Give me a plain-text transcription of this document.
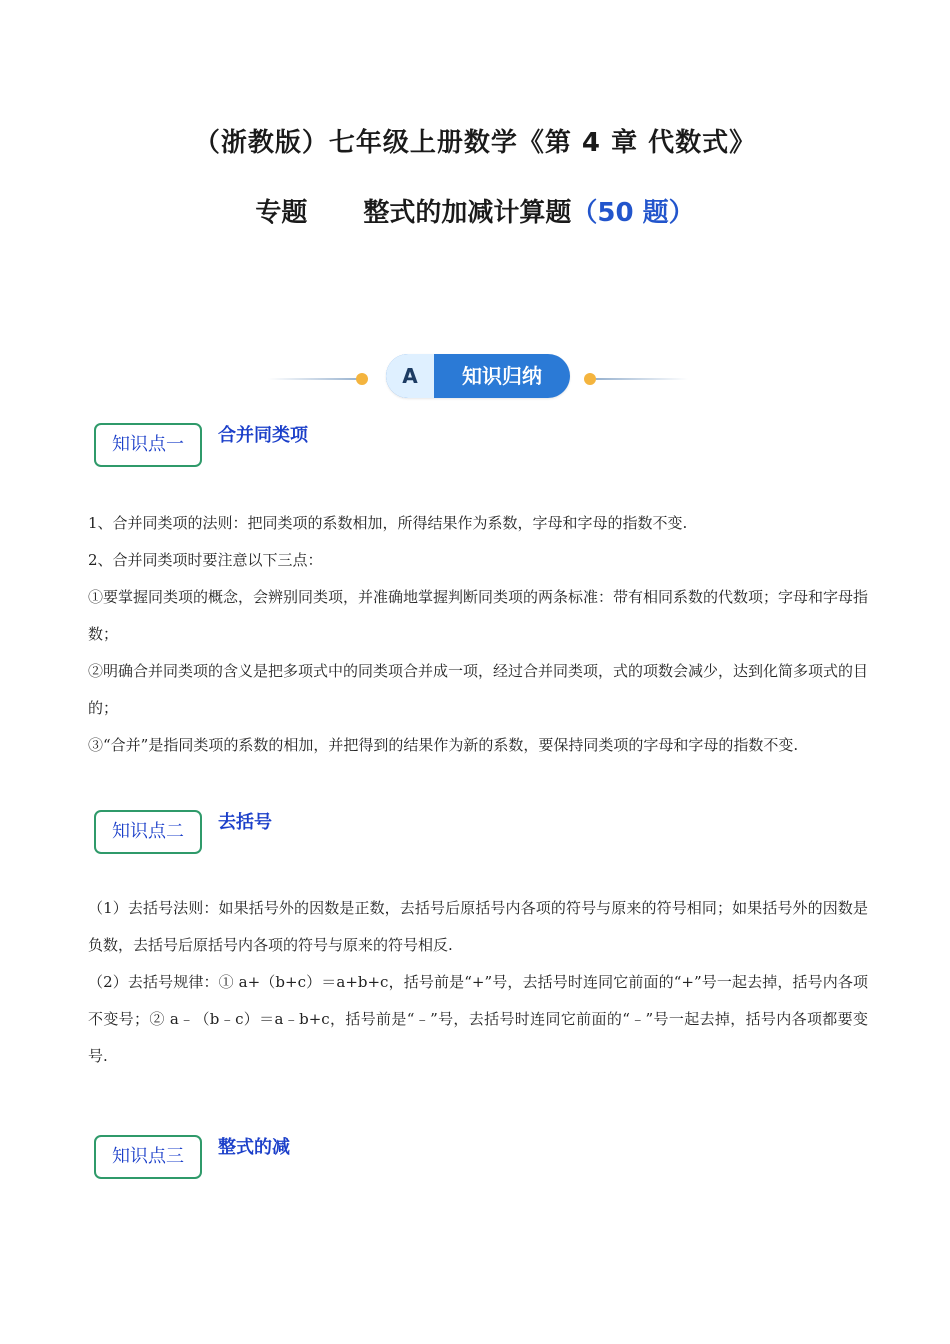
（浙教版）七年级上册数学《第 4 章 代数式》
专题 整式的加减计算题（50 题）
A	知识归纳
知识点一	合并同类项

1、合并同类项的法则：把同类项的系数相加，所得结果作为系数，字母和字母的指数不变.

2、合并同类项时要注意以下三点：

①要掌握同类项的概念，会辨别同类项，并准确地掌握判断同类项的两条标准：带有相同系数的代数项；字母和字母指数；

②明确合并同类项的含义是把多项式中的同类项合并成一项，经过合并同类项，式的项数会减少，达到化简多项式的目的；

③“合并”是指同类项的系数的相加，并把得到的结果作为新的系数，要保持同类项的字母和字母的指数不变.

知识点二	去括号

（1）去括号法则：如果括号外的因数是正数，去括号后原括号内各项的符号与原来的符号相同；如果括号外的因数是负数，去括号后原括号内各项的符号与原来的符号相反.

（2）去括号规律：① a+（b+c）＝a+b+c，括号前是“+”号，去括号时连同它前面的“+”号一起去掉，括号内各项不变号；② a﹣（b﹣c）＝a﹣b+c，括号前是“﹣”号，去括号时连同它前面的“﹣”号一起去掉，括号内各项都要变号.

知识点三	整式的减
